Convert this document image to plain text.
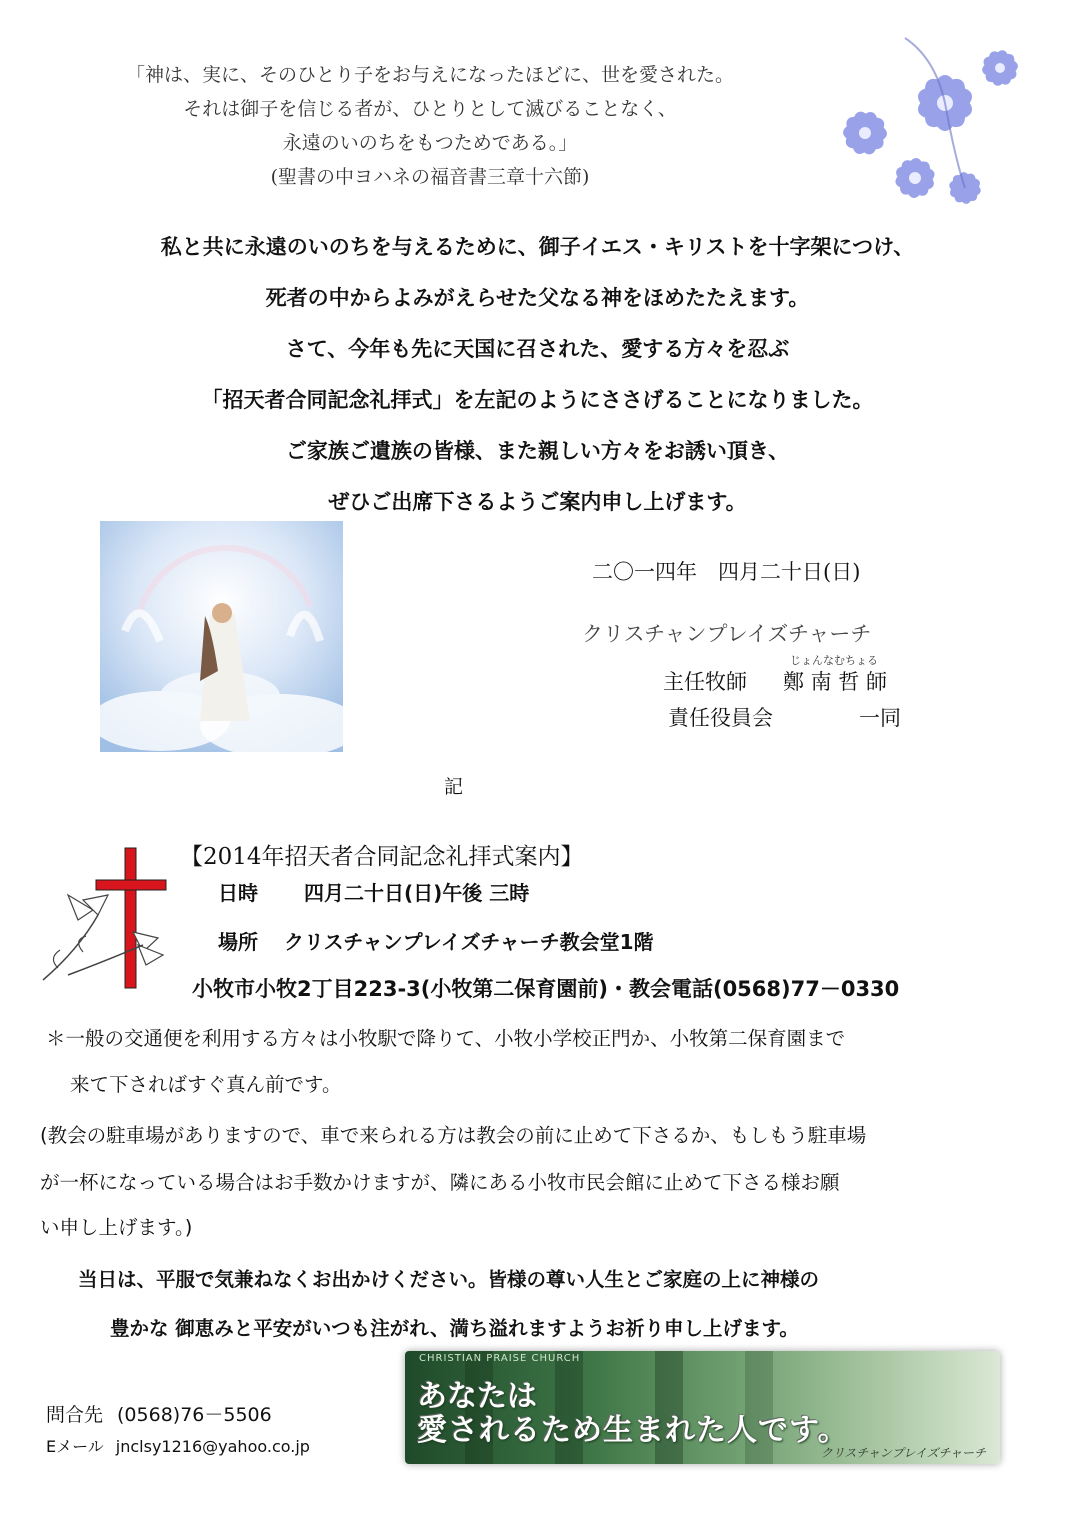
「神は、実に、そのひとり子をお与えになったほどに、世を愛された。
それは御子を信じる者が、ひとりとして滅びることなく、
永遠のいのちをもつためである。」
(聖書の中ヨハネの福音書三章十六節)
私と共に永遠のいのちを与えるために、御子イエス・キリストを十字架につけ、
死者の中からよみがえらせた父なる神をほめたたえます。
さて、今年も先に天国に召された、愛する方々を忍ぶ
「招天者合同記念礼拝式」を左記のようにささげることになりました。
ご家族ご遺族の皆様、また親しい方々をお誘い頂き、
ぜひご出席下さるようご案内申し上げます。
二〇一四年　四月二十日(日)
クリスチャンプレイズチャーチ
じょんなむちょる
主任牧師 鄭 南 哲 師
責任役員会	一同
記
【2014年招天者合同記念礼拝式案内】
日時 四月二十日(日)午後 三時
場所 クリスチャンプレイズチャーチ教会堂1階
小牧市小牧2丁目223-3(小牧第二保育園前)・教会電話(0568)77－0330
＊一般の交通便を利用する方々は小牧駅で降りて、小牧小学校正門か、小牧第二保育園まで
来て下さればすぐ真ん前です。
(教会の駐車場がありますので、車で来られる方は教会の前に止めて下さるか、もしもう駐車場
が一杯になっている場合はお手数かけますが、隣にある小牧市民会館に止めて下さる様お願
い申し上げます。)
当日は、平服で気兼ねなくお出かけください。皆様の尊い人生とご家庭の上に神様の
豊かな 御恵みと平安がいつも注がれ、満ち溢れますようお祈り申し上げます。
問合先 (0568)76－5506
Eメール jnclsy1216@yahoo.co.jp
CHRISTIAN PRAISE CHURCH
あなたは
愛されるため生まれた人です。
クリスチャンプレイズチャーチ
